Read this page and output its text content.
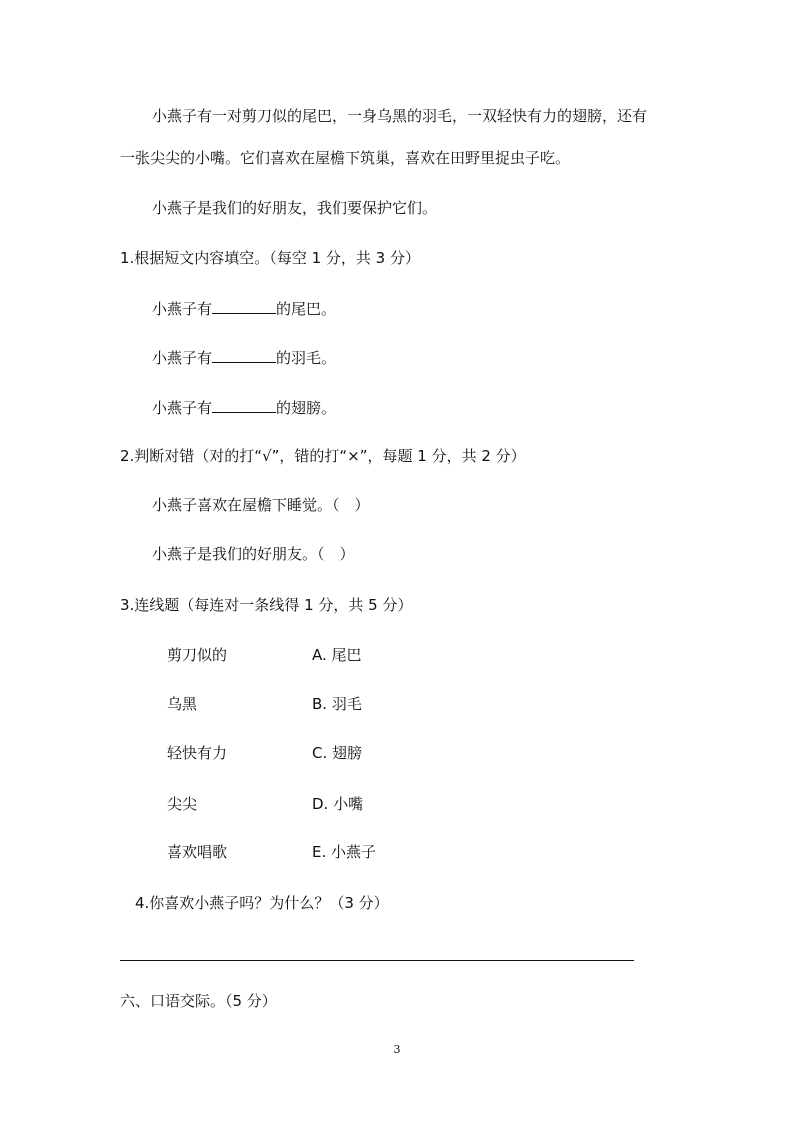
小燕子有一对剪刀似的尾巴，一身乌黑的羽毛，一双轻快有力的翅膀，还有
一张尖尖的小嘴。它们喜欢在屋檐下筑巢，喜欢在田野里捉虫子吃。
小燕子是我们的好朋友，我们要保护它们。
1.根据短文内容填空。（每空 1 分，共 3 分）
小燕子有	的尾巴。
小燕子有	的羽毛。
小燕子有	的翅膀。
2.判断对错（对的打“√”，错的打“×”，每题 1 分，共 2 分）
小燕子喜欢在屋檐下睡觉。（　）
小燕子是我们的好朋友。（　）
3.连线题（每连对一条线得 1 分，共 5 分）
剪刀似的	A. 尾巴
乌黑	B. 羽毛
轻快有力	C. 翅膀
尖尖	D. 小嘴
喜欢唱歌	E. 小燕子
4.你喜欢小燕子吗？为什么？（3 分）
六、口语交际。（5 分）
3
